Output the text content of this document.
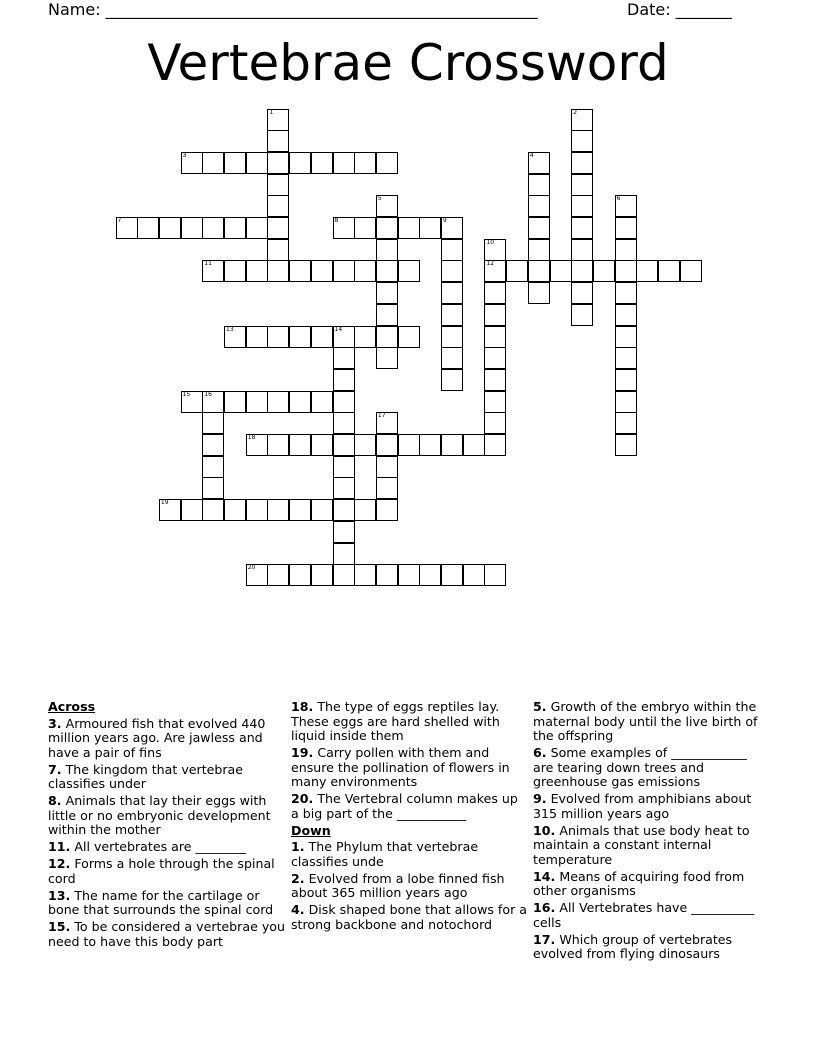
Name: ______________________________________________________	Date: _______
Vertebrae Crossword
1	2
3	4
5	6
7	8	9
10
12
11
13	14
15 16
17
18
19
20
Across
3. Armoured fish that evolved 440 million years ago. Are jawless and have a pair of fins
7. The kingdom that vertebrae classifies under
8. Animals that lay their eggs with little or no embryonic development within the mother
11. All vertebrates are ________
12. Forms a hole through the spinal cord
13. The name for the cartilage or bone that surrounds the spinal cord
15. To be considered a vertebrae you need to have this body part
18. The type of eggs reptiles lay. These eggs are hard shelled with liquid inside them
19. Carry pollen with them and ensure the pollination of flowers in many environments
20. The Vertebral column makes up a big part of the ___________
Down
1. The Phylum that vertebrae classifies unde
2. Evolved from a lobe finned fish about 365 million years ago
4. Disk shaped bone that allows for a strong backbone and notochord
5. Growth of the embryo within the maternal body until the live birth of the offspring
6. Some examples of ____________ are tearing down trees and greenhouse gas emissions
9. Evolved from amphibians about 315 million years ago
10. Animals that use body heat to maintain a constant internal temperature
14. Means of acquiring food from other organisms
16. All Vertebrates have __________ cells
17. Which group of vertebrates evolved from flying dinosaurs
